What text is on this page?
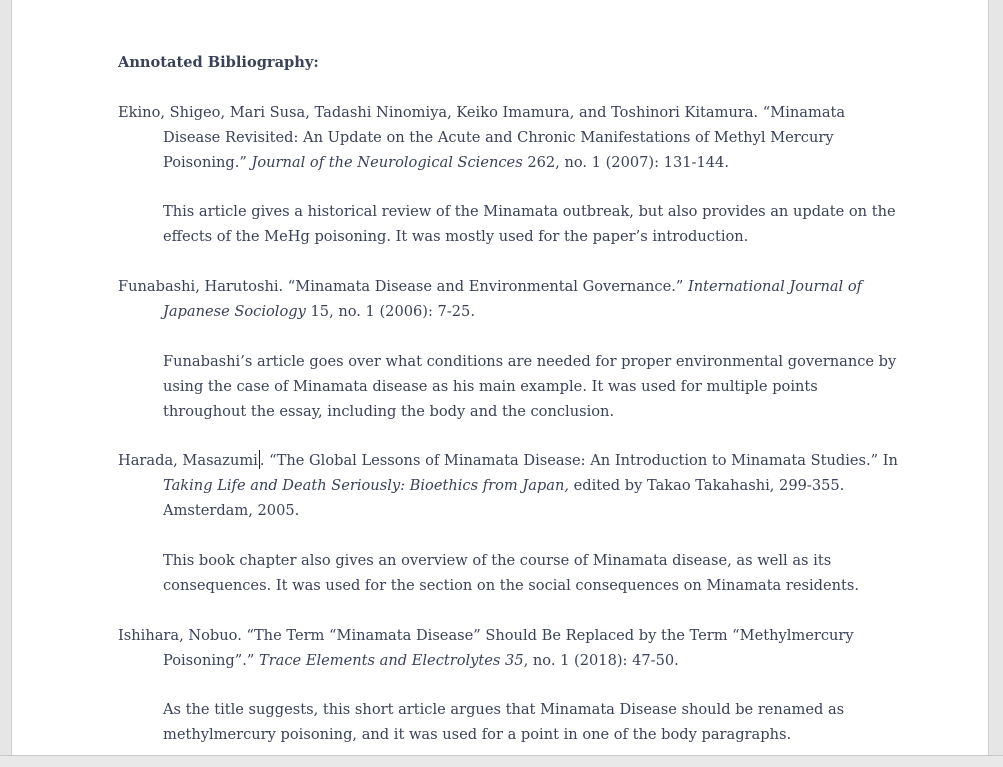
Annotated Bibliography:

Ekino, Shigeo, Mari Susa, Tadashi Ninomiya, Keiko Imamura, and Toshinori Kitamura. “Minamata Disease Revisited: An Update on the Acute and Chronic Manifestations of Methyl Mercury Poisoning.” Journal of the Neurological Sciences 262, no. 1 (2007): 131-144.

This article gives a historical review of the Minamata outbreak, but also provides an update on the effects of the MeHg poisoning. It was mostly used for the paper’s introduction.

Funabashi, Harutoshi. “Minamata Disease and Environmental Governance.” International Journal of Japanese Sociology 15, no. 1 (2006): 7-25.

Funabashi’s article goes over what conditions are needed for proper environmental governance by using the case of Minamata disease as his main example. It was used for multiple points throughout the essay, including the body and the conclusion.

Harada, Masazumi . “The Global Lessons of Minamata Disease: An Introduction to Minamata Studies.” In Taking Life and Death Seriously: Bioethics from Japan, edited by Takao Takahashi, 299-355. Amsterdam, 2005.

This book chapter also gives an overview of the course of Minamata disease, as well as its consequences. It was used for the section on the social consequences on Minamata residents.

Ishihara, Nobuo. “The Term “Minamata Disease” Should Be Replaced by the Term “Methylmercury Poisoning”.” Trace Elements and Electrolytes 35, no. 1 (2018): 47-50.

As the title suggests, this short article argues that Minamata Disease should be renamed as methylmercury poisoning, and it was used for a point in one of the body paragraphs.
